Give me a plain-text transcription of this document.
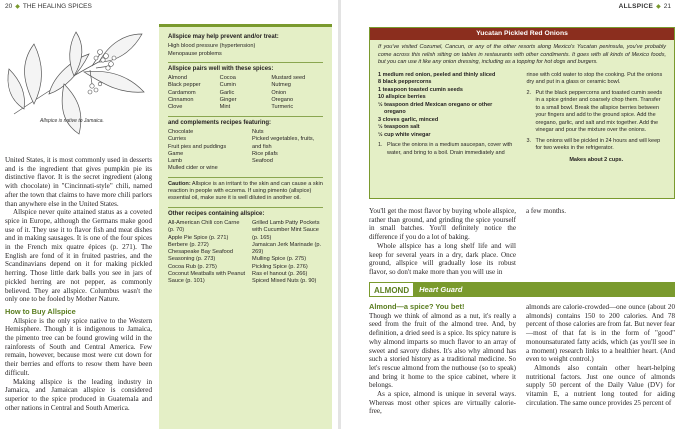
20 ◆ THE HEALING SPICES
Allspice is native to Jamaica.

United States, it is most commonly used in desserts and is the ingredient that gives pumpkin pie its distinctive flavor. It is the secret ingredient (along with chocolate) in "Cincinnati-style" chili, named after the town that claims to have more chili parlors than anywhere else in the United States.

Allspice never quite attained status as a coveted spice in Europe, although the Germans make good use of it. They use it to flavor fish and meat dishes and in making sausages. It is one of the four spices in the French mix quatre épices (p. 271). The English are fond of it in fruited pastries, and the Scandinavians depend on it for making pickled herring. Those little dark balls you see in jars of pickled herring are not pepper, as commonly believed. They are allspice. Columbus wasn't the only one to be fooled by Mother Nature.

How to Buy Allspice

Allspice is the only spice native to the Western Hemisphere. Though it is indigenous to Jamaica, the pimento tree can be found growing wild in the rainforests of South and Central America. Few remain, however, because most were cut down for their berries and efforts to resow them have been difficult.

Making allspice is the leading industry in Jamaica, and Jamaican allspice is considered superior to the spice produced in Guatemala and other nations in Central and South America.

Allspice may help prevent and/or treat:
High blood pressure (hypertension)
Menopause problems
Allspice pairs well with these spices:
Almond	Cocoa	Mustard seed
Black pepper	Cumin	Nutmeg
Cardamom	Garlic	Onion
Cinnamon	Ginger	Oregano
Clove	Mint	Turmeric
and complements recipes featuring:
Chocolate
Curries
Fruit pies and puddings
Game
Lamb
Mulled cider or wine
Nuts
Picked vegetables, fruits, and fish
Rice pilafs
Seafood
Caution: Allspice is an irritant to the skin and can cause a skin reaction in people with eczema. If using pimento (allspice) essential oil, make sure it is well diluted in another oil.
Other recipes containing allspice:
All-American Chili con Carne (p. 70)
Apple Pie Spice (p. 271)
Berbere (p. 272)
Chesapeake Bay Seafood Seasoning (p. 273)
Cocoa Rub (p. 275)
Coconut Meatballs with Peanut Sauce (p. 101)
Grilled Lamb Patty Pockets with Cucumber Mint Sauce (p. 165)
Jamaican Jerk Marinade (p. 269)
Mulling Spice (p. 275)
Pickling Spice (p. 276)
Ras el hanout (p. 266)
Spiced Mixed Nuts (p. 90)
ALLSPICE ◆ 21
Yucatan Pickled Red Onions
If you've visited Cozumel, Cancun, or any of the other resorts along Mexico's Yucatan peninsula, you've probably come across this relish sitting on tables in restaurants with other condiments. It goes with all kinds of Mexico foods, but you can use it like any onion dressing, including as a topping for hot dogs and burgers.
1 medium red onion, peeled and thinly sliced
8 black peppercorns
1 teaspoon toasted cumin seeds
10 allspice berries
½ teaspoon dried Mexican oregano or other
oregano
3 cloves garlic, minced
½ teaspoon salt
½ cup white vinegar
1. Place the onions in a medium saucepan, cover with water, and bring to a boil. Drain immediately and
rinse with cold water to stop the cooking. Put the onions dry and put in a glass or ceramic bowl.
2. Put the black peppercorns and toasted cumin seeds in a spice grinder and coarsely chop them. Transfer to a small bowl. Break the allspice berries between your fingers and add to the ground spice. Add the oregano, garlic, and salt and mix together. Add the vinegar and pour the mixture over the onions.
3. The onions will be pickled in 24 hours and will keep for two weeks in the refrigerator.
Makes about 2 cups.

You'll get the most flavor by buying whole allspice, rather than ground, and grinding the spice yourself in small batches. You'll definitely notice the difference if you do a lot of baking.

Whole allspice has a long shelf life and will keep for several years in a dry, dark place. Once ground, allspice will gradually lose its robust flavor, so don't make more than you will use in

a few months.

ALMOND	Heart Guard

Almond—a spice? You bet!

Though we think of almond as a nut, it's really a seed from the fruit of the almond tree. And, by definition, a dried seed is a spice. Its spicy nature is why almond imparts so much flavor to an array of sweet and savory dishes. It's also why almond has such a storied history as a traditional medicine. So let's rescue almond from the nuthouse (so to speak) and bring it home to the spice cabinet, where it belongs.

As a spice, almond is unique in several ways. Whereas most other spices are virtually calorie-free,

almonds are calorie-crowded—one ounce (about 20 almonds) contains 150 to 200 calories. And 78 percent of those calories are from fat. But never fear—most of that fat is in the form of "good" monounsaturated fatty acids, which (as you'll see in a moment) research links to a healthier heart. (And even to weight control.)

Almonds also contain other heart-helping nutritional factors. Just one ounce of almonds supply 50 percent of the Daily Value (DV) for vitamin E, a nutrient long touted for aiding circulation. The same ounce provides 25 percent of
